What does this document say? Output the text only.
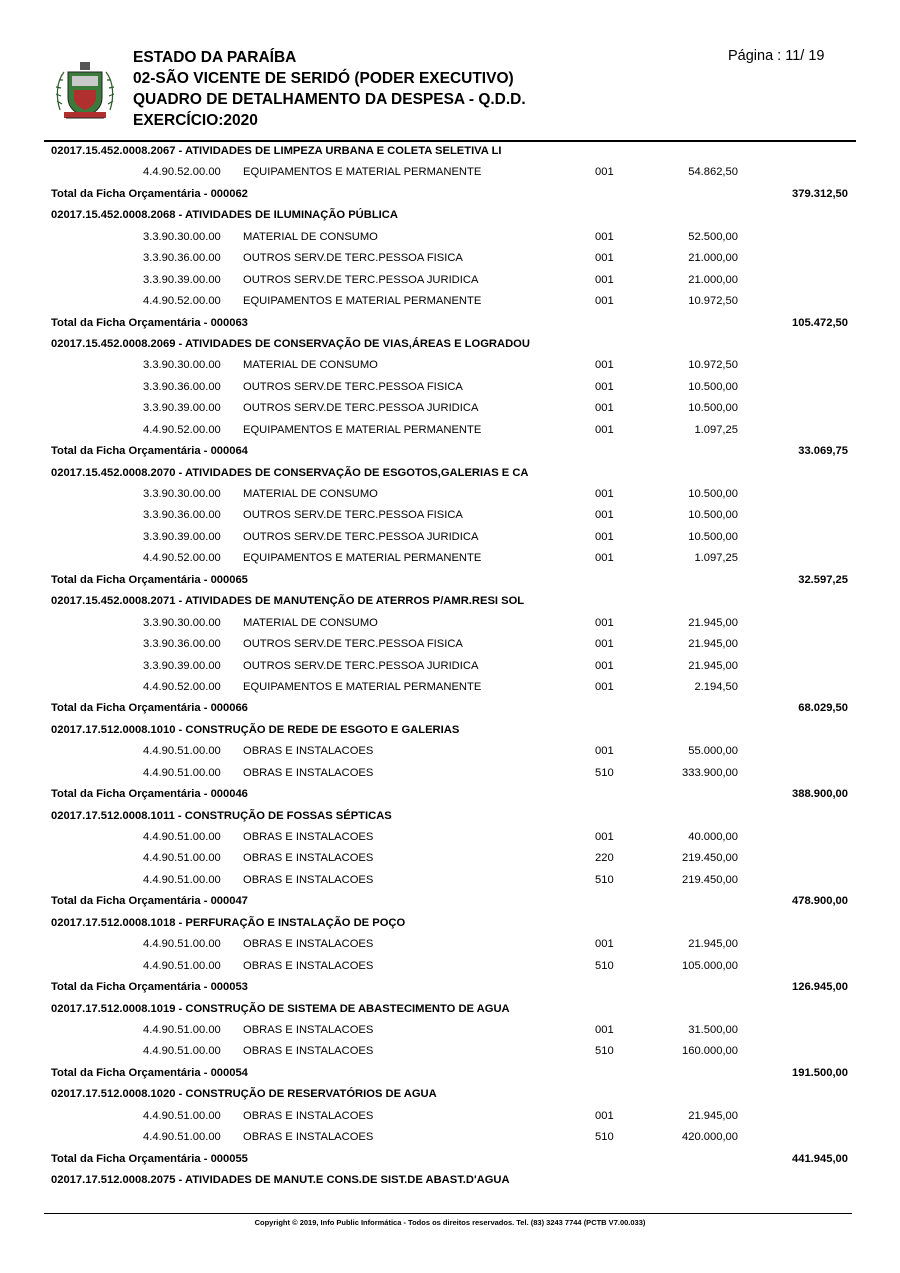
ESTADO DA PARAÍBA
02-SÃO VICENTE DE SERIDÓ (PODER EXECUTIVO)
QUADRO DE DETALHAMENTO DA DESPESA - Q.D.D.
EXERCÍCIO:2020
Página : 11/ 19
02017.15.452.0008.2067 - ATIVIDADES DE LIMPEZA URBANA E COLETA SELETIVA LI
4.4.90.52.00.00 EQUIPAMENTOS E MATERIAL PERMANENTE	001	54.862,50
Total da Ficha Orçamentária - 000062	379.312,50
02017.15.452.0008.2068 - ATIVIDADES DE ILUMINAÇÃO PÚBLICA
3.3.90.30.00.00 MATERIAL DE CONSUMO	001	52.500,00
3.3.90.36.00.00 OUTROS SERV.DE TERC.PESSOA FISICA	001	21.000,00
3.3.90.39.00.00 OUTROS SERV.DE TERC.PESSOA JURIDICA	001	21.000,00
4.4.90.52.00.00 EQUIPAMENTOS E MATERIAL PERMANENTE	001	10.972,50
Total da Ficha Orçamentária - 000063	105.472,50
02017.15.452.0008.2069 - ATIVIDADES DE CONSERVAÇÃO DE VIAS,ÁREAS E LOGRADOU
3.3.90.30.00.00 MATERIAL DE CONSUMO	001	10.972,50
3.3.90.36.00.00 OUTROS SERV.DE TERC.PESSOA FISICA	001	10.500,00
3.3.90.39.00.00 OUTROS SERV.DE TERC.PESSOA JURIDICA	001	10.500,00
4.4.90.52.00.00 EQUIPAMENTOS E MATERIAL PERMANENTE	001	1.097,25
Total da Ficha Orçamentária - 000064	33.069,75
02017.15.452.0008.2070 - ATIVIDADES DE CONSERVAÇÃO DE ESGOTOS,GALERIAS E CA
3.3.90.30.00.00 MATERIAL DE CONSUMO	001	10.500,00
3.3.90.36.00.00 OUTROS SERV.DE TERC.PESSOA FISICA	001	10.500,00
3.3.90.39.00.00 OUTROS SERV.DE TERC.PESSOA JURIDICA	001	10.500,00
4.4.90.52.00.00 EQUIPAMENTOS E MATERIAL PERMANENTE	001	1.097,25
Total da Ficha Orçamentária - 000065	32.597,25
02017.15.452.0008.2071 - ATIVIDADES DE MANUTENÇÃO DE ATERROS P/AMR.RESI SOL
3.3.90.30.00.00 MATERIAL DE CONSUMO	001	21.945,00
3.3.90.36.00.00 OUTROS SERV.DE TERC.PESSOA FISICA	001	21.945,00
3.3.90.39.00.00 OUTROS SERV.DE TERC.PESSOA JURIDICA	001	21.945,00
4.4.90.52.00.00 EQUIPAMENTOS E MATERIAL PERMANENTE	001	2.194,50
Total da Ficha Orçamentária - 000066	68.029,50
02017.17.512.0008.1010 - CONSTRUÇÃO DE REDE DE ESGOTO E GALERIAS
4.4.90.51.00.00 OBRAS E INSTALACOES	001	55.000,00
4.4.90.51.00.00 OBRAS E INSTALACOES	510	333.900,00
Total da Ficha Orçamentária - 000046	388.900,00
02017.17.512.0008.1011 - CONSTRUÇÃO DE FOSSAS SÉPTICAS
4.4.90.51.00.00 OBRAS E INSTALACOES	001	40.000,00
4.4.90.51.00.00 OBRAS E INSTALACOES	220	219.450,00
4.4.90.51.00.00 OBRAS E INSTALACOES	510	219.450,00
Total da Ficha Orçamentária - 000047	478.900,00
02017.17.512.0008.1018 - PERFURAÇÃO E INSTALAÇÃO DE POÇO
4.4.90.51.00.00 OBRAS E INSTALACOES	001	21.945,00
4.4.90.51.00.00 OBRAS E INSTALACOES	510	105.000,00
Total da Ficha Orçamentária - 000053	126.945,00
02017.17.512.0008.1019 - CONSTRUÇÃO DE SISTEMA DE ABASTECIMENTO DE AGUA
4.4.90.51.00.00 OBRAS E INSTALACOES	001	31.500,00
4.4.90.51.00.00 OBRAS E INSTALACOES	510	160.000,00
Total da Ficha Orçamentária - 000054	191.500,00
02017.17.512.0008.1020 - CONSTRUÇÃO DE RESERVATÓRIOS DE AGUA
4.4.90.51.00.00 OBRAS E INSTALACOES	001	21.945,00
4.4.90.51.00.00 OBRAS E INSTALACOES	510	420.000,00
Total da Ficha Orçamentária - 000055	441.945,00
02017.17.512.0008.2075 - ATIVIDADES DE MANUT.E CONS.DE SIST.DE ABAST.D'AGUA
Copyright © 2019, Info Public Informática - Todos os direitos reservados. Tel. (83) 3243 7744 (PCTB V7.00.033)
